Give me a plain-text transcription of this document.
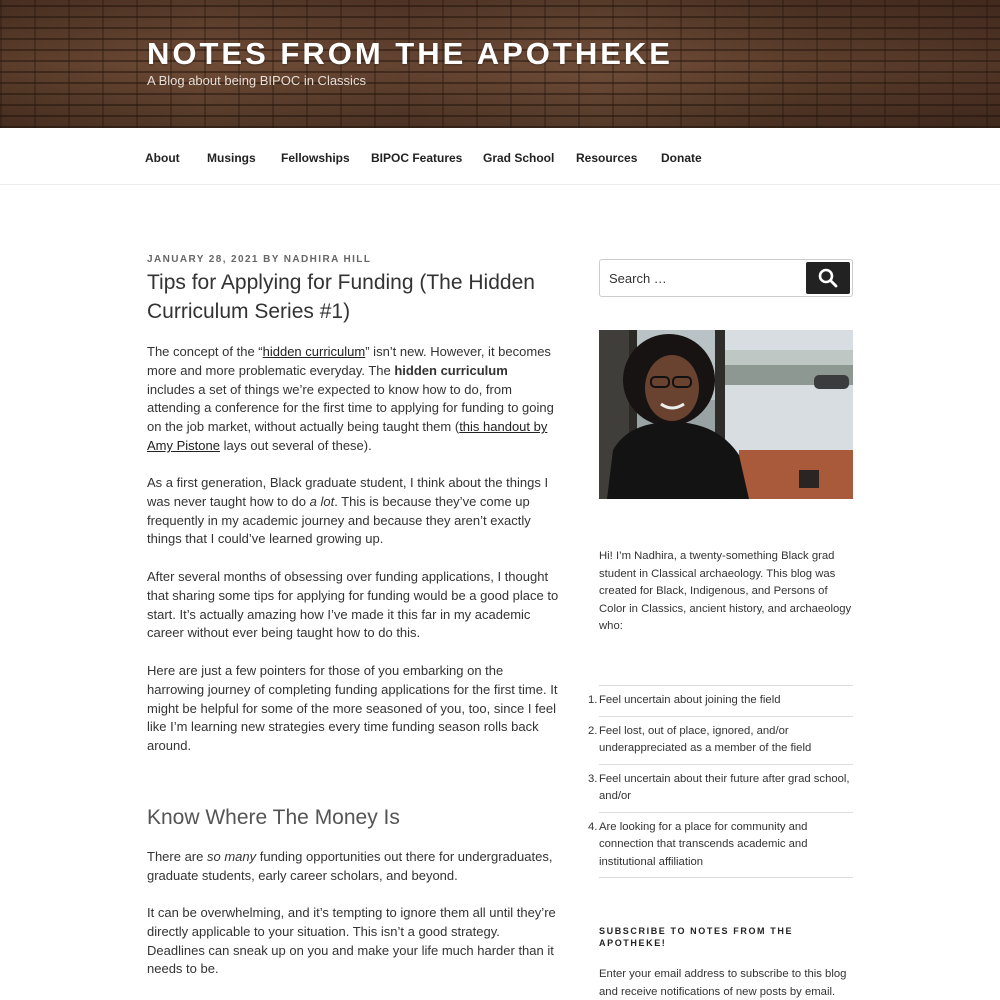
NOTES FROM THE APOTHEKE
A Blog about being BIPOC in Classics
About Musings Fellowships BIPOC Features Grad School Resources Donate
JANUARY 28, 2021 BY NADHIRA HILL
Tips for Applying for Funding (The Hidden Curriculum Series #1)

The concept of the “hidden curriculum” isn’t new. However, it becomes more and more problematic everyday. The hidden curriculum includes a set of things we’re expected to know how to do, from attending a conference for the first time to applying for funding to going on the job market, without actually being taught them (this handout by Amy Pistone lays out several of these).

As a first generation, Black graduate student, I think about the things I was never taught how to do a lot. This is because they’ve come up frequently in my academic journey and because they aren’t exactly things that I could’ve learned growing up.

After several months of obsessing over funding applications, I thought that sharing some tips for applying for funding would be a good place to start. It’s actually amazing how I’ve made it this far in my academic career without ever being taught how to do this.

Here are just a few pointers for those of you embarking on the harrowing journey of completing funding applications for the first time. It might be helpful for some of the more seasoned of you, too, since I feel like I’m learning new strategies every time funding season rolls back around.

Know Where The Money Is

There are so many funding opportunities out there for undergraduates, graduate students, early career scholars, and beyond.

It can be overwhelming, and it’s tempting to ignore them all until they’re directly applicable to your situation. This isn’t a good strategy. Deadlines can sneak up on you and make your life much harder than it needs to be.

Search …

Hi! I’m Nadhira, a twenty-something Black grad student in Classical archaeology. This blog was created for Black, Indigenous, and Persons of Color in Classics, ancient history, and archaeology who:

1. Feel uncertain about joining the field
2. Feel lost, out of place, ignored, and/or underappreciated as a member of the field
3. Feel uncertain about their future after grad school, and/or
4. Are looking for a place for community and connection that transcends academic and institutional affiliation
SUBSCRIBE TO NOTES FROM THE APOTHEKE!

Enter your email address to subscribe to this blog and receive notifications of new posts by email.
